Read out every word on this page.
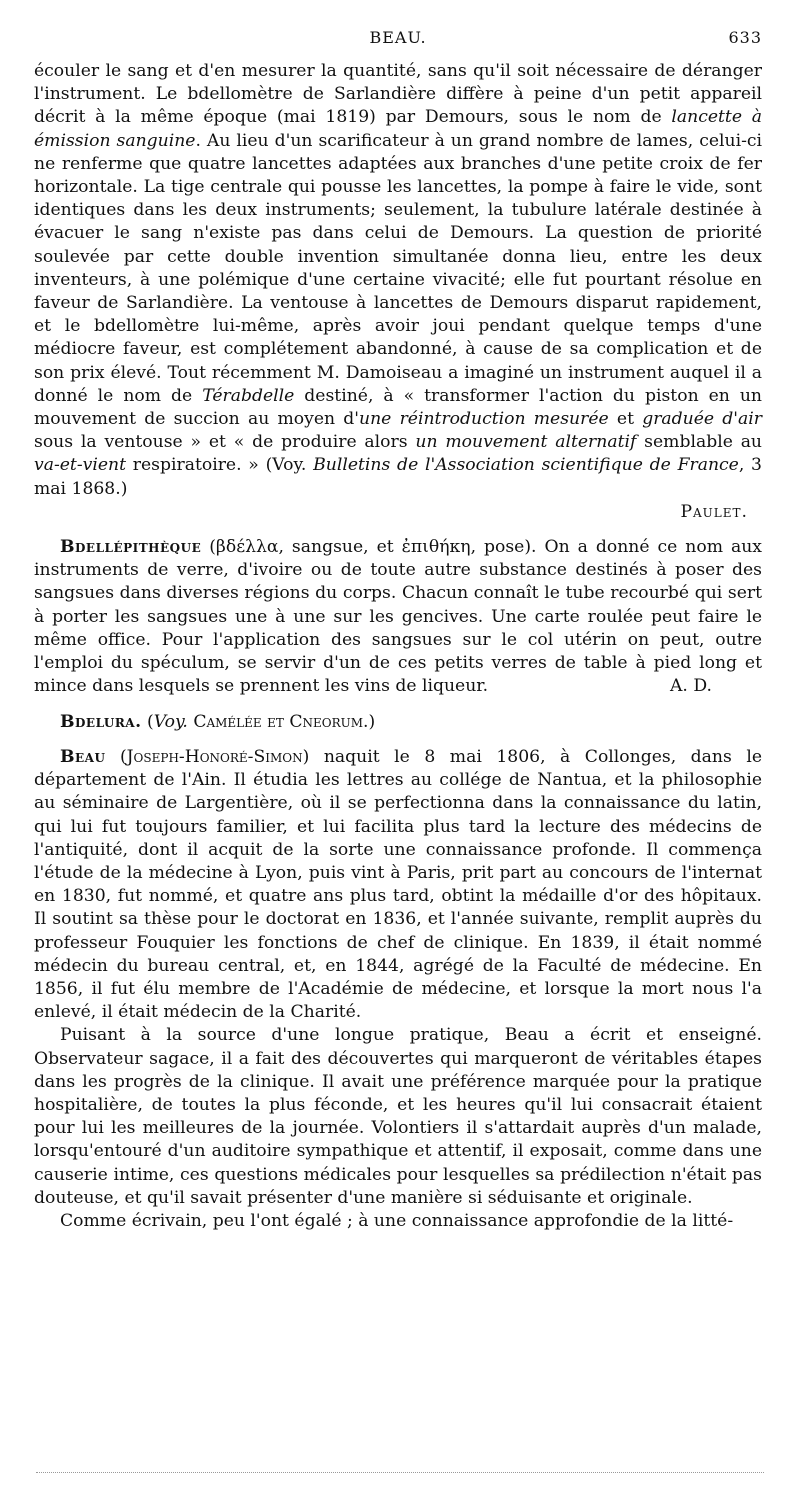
BEAU.	633

écouler le sang et d'en mesurer la quantité, sans qu'il soit nécessaire de déranger l'instrument. Le bdellomètre de Sarlandière diffère à peine d'un petit appareil décrit à la même époque (mai 1819) par Demours, sous le nom de lancette à émission sanguine. Au lieu d'un scarificateur à un grand nombre de lames, celui-ci ne renferme que quatre lancettes adaptées aux branches d'une petite croix de fer horizontale. La tige centrale qui pousse les lancettes, la pompe à faire le vide, sont identiques dans les deux instruments; seulement, la tubulure latérale destinée à évacuer le sang n'existe pas dans celui de Demours. La question de priorité soulevée par cette double invention simultanée donna lieu, entre les deux inventeurs, à une polémique d'une certaine vivacité; elle fut pourtant résolue en faveur de Sarlandière. La ventouse à lancettes de Demours disparut rapidement, et le bdellomètre lui-même, après avoir joui pendant quelque temps d'une médiocre faveur, est complétement abandonné, à cause de sa complication et de son prix élevé. Tout récemment M. Damoiseau a imaginé un instrument auquel il a donné le nom de Térabdelle destiné, à « transformer l'action du piston en un mouvement de succion au moyen d'une réintroduction mesurée et graduée d'air sous la ventouse » et « de produire alors un mouvement alternatif semblable au va-et-vient respiratoire. » (Voy. Bulletins de l'Association scientifique de France, 3 mai 1868.)

Paulet.

Bdellépithèque (βδέλλα, sangsue, et ἐπιθήκη, pose). On a donné ce nom aux instruments de verre, d'ivoire ou de toute autre substance destinés à poser des sangsues dans diverses régions du corps. Chacun connaît le tube recourbé qui sert à porter les sangsues une à une sur les gencives. Une carte roulée peut faire le même office. Pour l'application des sangsues sur le col utérin on peut, outre l'emploi du spéculum, se servir d'un de ces petits verres de table à pied long et mince dans lesquels se prennent les vins de liqueur.	A. D.

Bdelura. (Voy. Camélée et Cneorum.)

Beau (Joseph-Honoré-Simon) naquit le 8 mai 1806, à Collonges, dans le département de l'Ain. Il étudia les lettres au collége de Nantua, et la philosophie au séminaire de Largentière, où il se perfectionna dans la connaissance du latin, qui lui fut toujours familier, et lui facilita plus tard la lecture des médecins de l'antiquité, dont il acquit de la sorte une connaissance profonde. Il commença l'étude de la médecine à Lyon, puis vint à Paris, prit part au concours de l'internat en 1830, fut nommé, et quatre ans plus tard, obtint la médaille d'or des hôpitaux. Il soutint sa thèse pour le doctorat en 1836, et l'année suivante, remplit auprès du professeur Fouquier les fonctions de chef de clinique. En 1839, il était nommé médecin du bureau central, et, en 1844, agrégé de la Faculté de médecine. En 1856, il fut élu membre de l'Académie de médecine, et lorsque la mort nous l'a enlevé, il était médecin de la Charité.

Puisant à la source d'une longue pratique, Beau a écrit et enseigné. Observateur sagace, il a fait des découvertes qui marqueront de véritables étapes dans les progrès de la clinique. Il avait une préférence marquée pour la pratique hospitalière, de toutes la plus féconde, et les heures qu'il lui consacrait étaient pour lui les meilleures de la journée. Volontiers il s'attardait auprès d'un malade, lorsqu'entouré d'un auditoire sympathique et attentif, il exposait, comme dans une causerie intime, ces questions médicales pour lesquelles sa prédilection n'était pas douteuse, et qu'il savait présenter d'une manière si séduisante et originale.

Comme écrivain, peu l'ont égalé ; à une connaissance approfondie de la litté-
